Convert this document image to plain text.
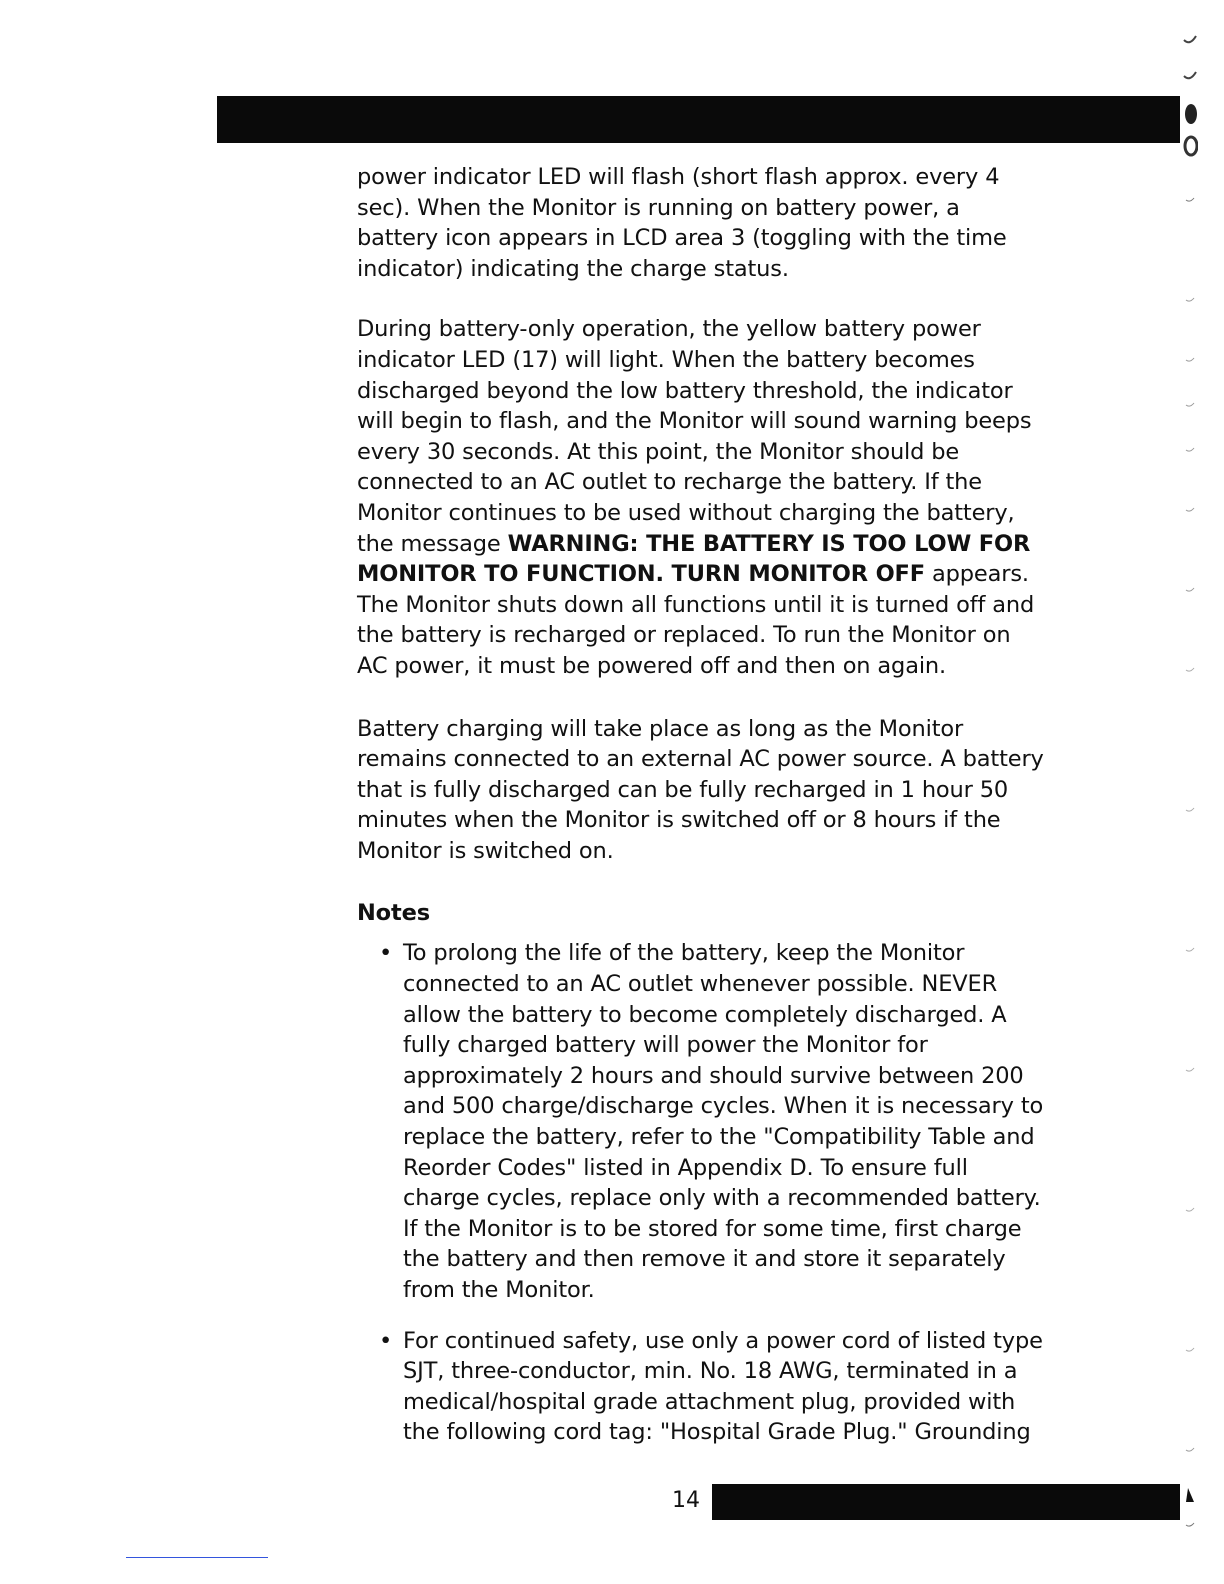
power indicator LED will flash (short flash approx. every 4 sec). When the Monitor is running on battery power, a battery icon appears in LCD area 3 (toggling with the time indicator) indicating the charge status.

During battery-only operation, the yellow battery power indicator LED (17) will light. When the battery becomes discharged beyond the low battery threshold, the indicator will begin to flash, and the Monitor will sound warning beeps every 30 seconds. At this point, the Monitor should be connected to an AC outlet to recharge the battery. If the Monitor continues to be used without charging the battery, the message WARNING: THE BATTERY IS TOO LOW FOR MONITOR TO FUNCTION. TURN MONITOR OFF appears. The Monitor shuts down all functions until it is turned off and the battery is recharged or replaced. To run the Monitor on AC power, it must be powered off and then on again.

Battery charging will take place as long as the Monitor remains connected to an external AC power source. A battery that is fully discharged can be fully recharged in 1 hour 50 minutes when the Monitor is switched off or 8 hours if the Monitor is switched on.

Notes
• To prolong the life of the battery, keep the Monitor connected to an AC outlet whenever possible. NEVER allow the battery to become completely discharged. A fully charged battery will power the Monitor for approximately 2 hours and should survive between 200 and 500 charge/discharge cycles. When it is necessary to replace the battery, refer to the "Compatibility Table and Reorder Codes" listed in Appendix D. To ensure full charge cycles, replace only with a recommended battery. If the Monitor is to be stored for some time, first charge the battery and then remove it and store it separately from the Monitor.
• For continued safety, use only a power cord of listed type SJT, three-conductor, min. No. 18 AWG, terminated in a medical/hospital grade attachment plug, provided with the following cord tag: "Hospital Grade Plug." Grounding
14
